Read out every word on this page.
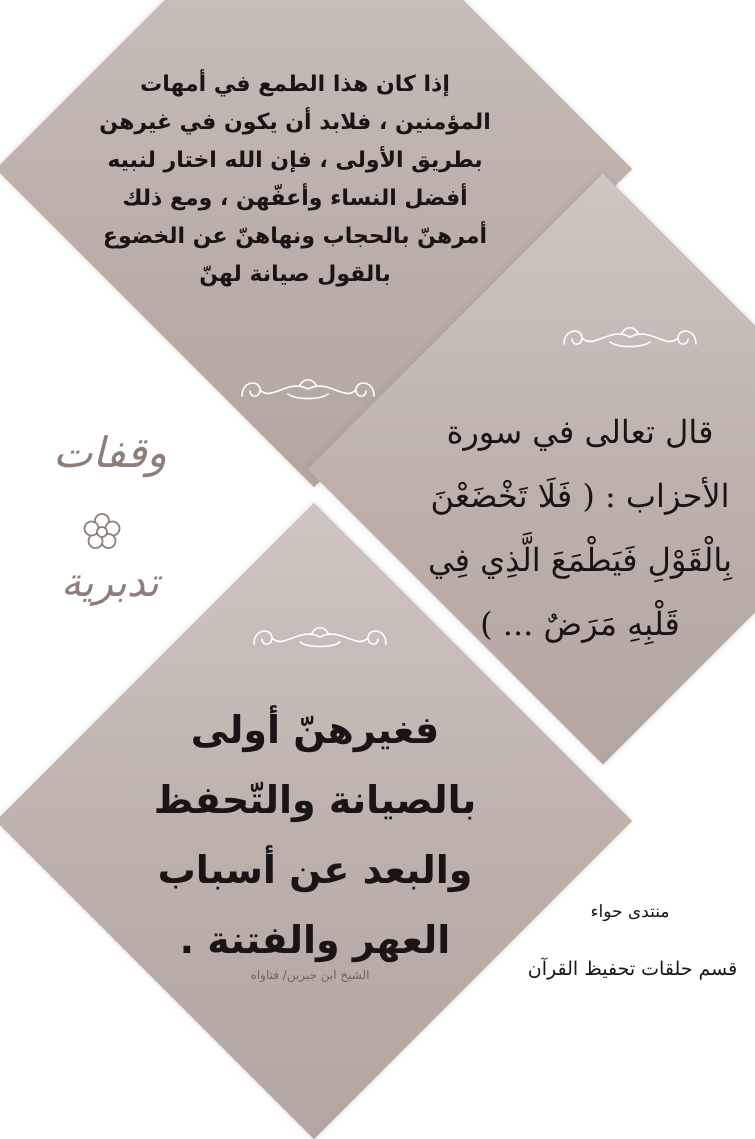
إذا كان هذا الطمع في أمهات المؤمنين ، فلابد أن يكون في غيرهن بطريق الأولى ، فإن الله اختار لنبيه أفضل النساء وأعفّهن ، ومع ذلك أمرهنّ بالحجاب ونهاهنّ عن الخضوع بالقول صيانة لهنّ

قال تعالى في سورة الأحزاب : ( فَلَا تَخْضَعْنَ بِالْقَوْلِ فَيَطْمَعَ الَّذِي فِي قَلْبِهِ مَرَضٌ ... )

فغيرهنّ أولى بالصيانة والتّحفظ والبعد عن أسباب العهر والفتنة .

الشيخ ابن جبرين/ فتاواه

وقفات

تدبرية

منتدى حواء
قسم حلقات تحفيظ القرآن
